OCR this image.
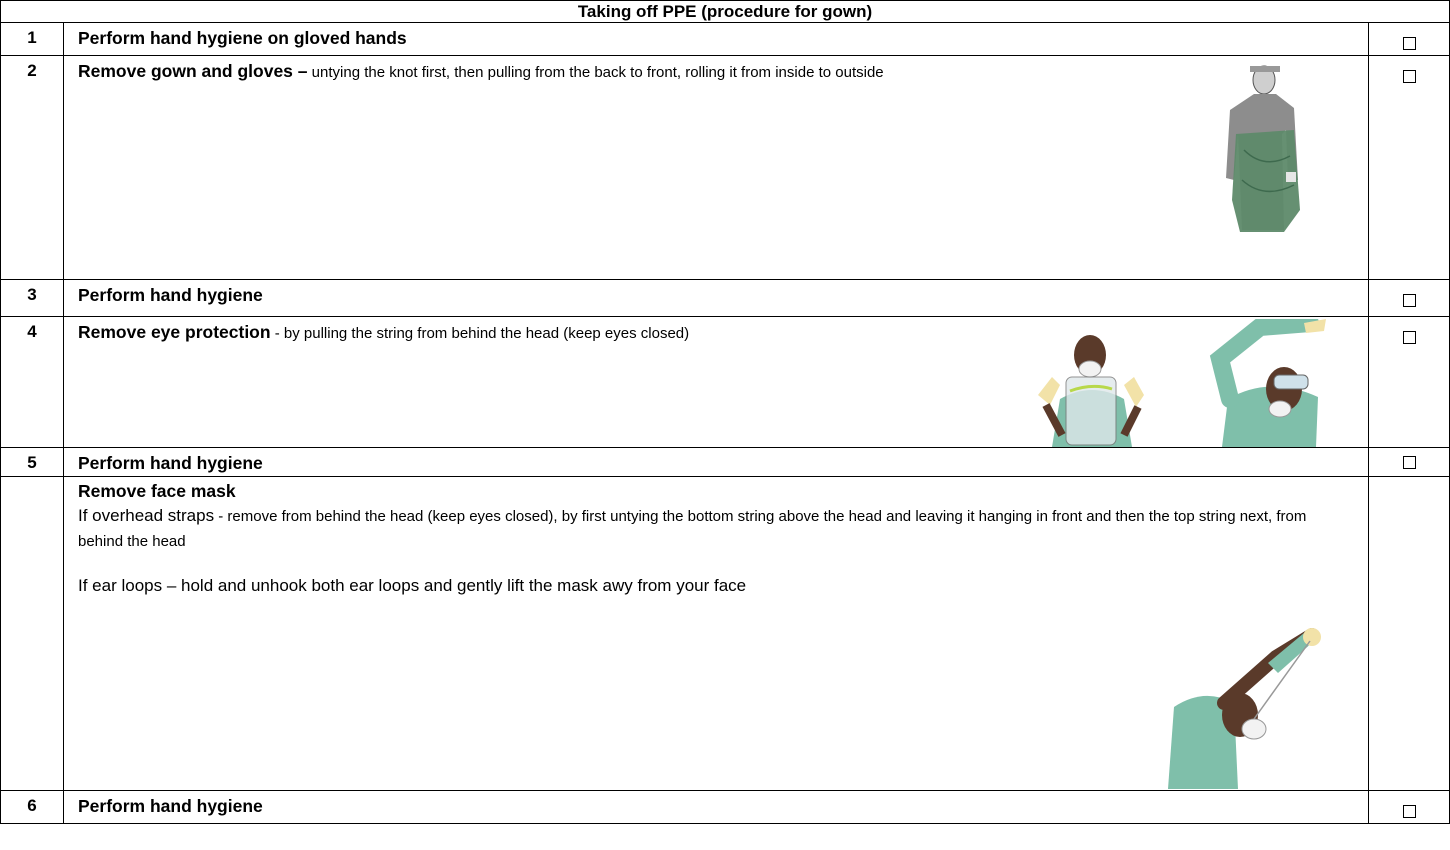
Taking off PPE (procedure for gown)		
1	Perform hand hygiene on gloved hands	
2	Remove gown and gloves – untying the knot first, then pulling from the back to front, rolling it from inside to outside	

3	Perform hand hygiene	
4	Remove eye protection - by pulling the string from behind the head (keep eyes closed)

5	Perform hand hygiene	

	Remove face mask
If overhead straps - remove from behind the head (keep eyes closed), by first untying the bottom string above the head and leaving it hanging in front and then the top string next, from behind the head
If ear loops – hold and unhook both ear loops and gently lift the mask awy from your face	

6	Perform hand hygiene	
